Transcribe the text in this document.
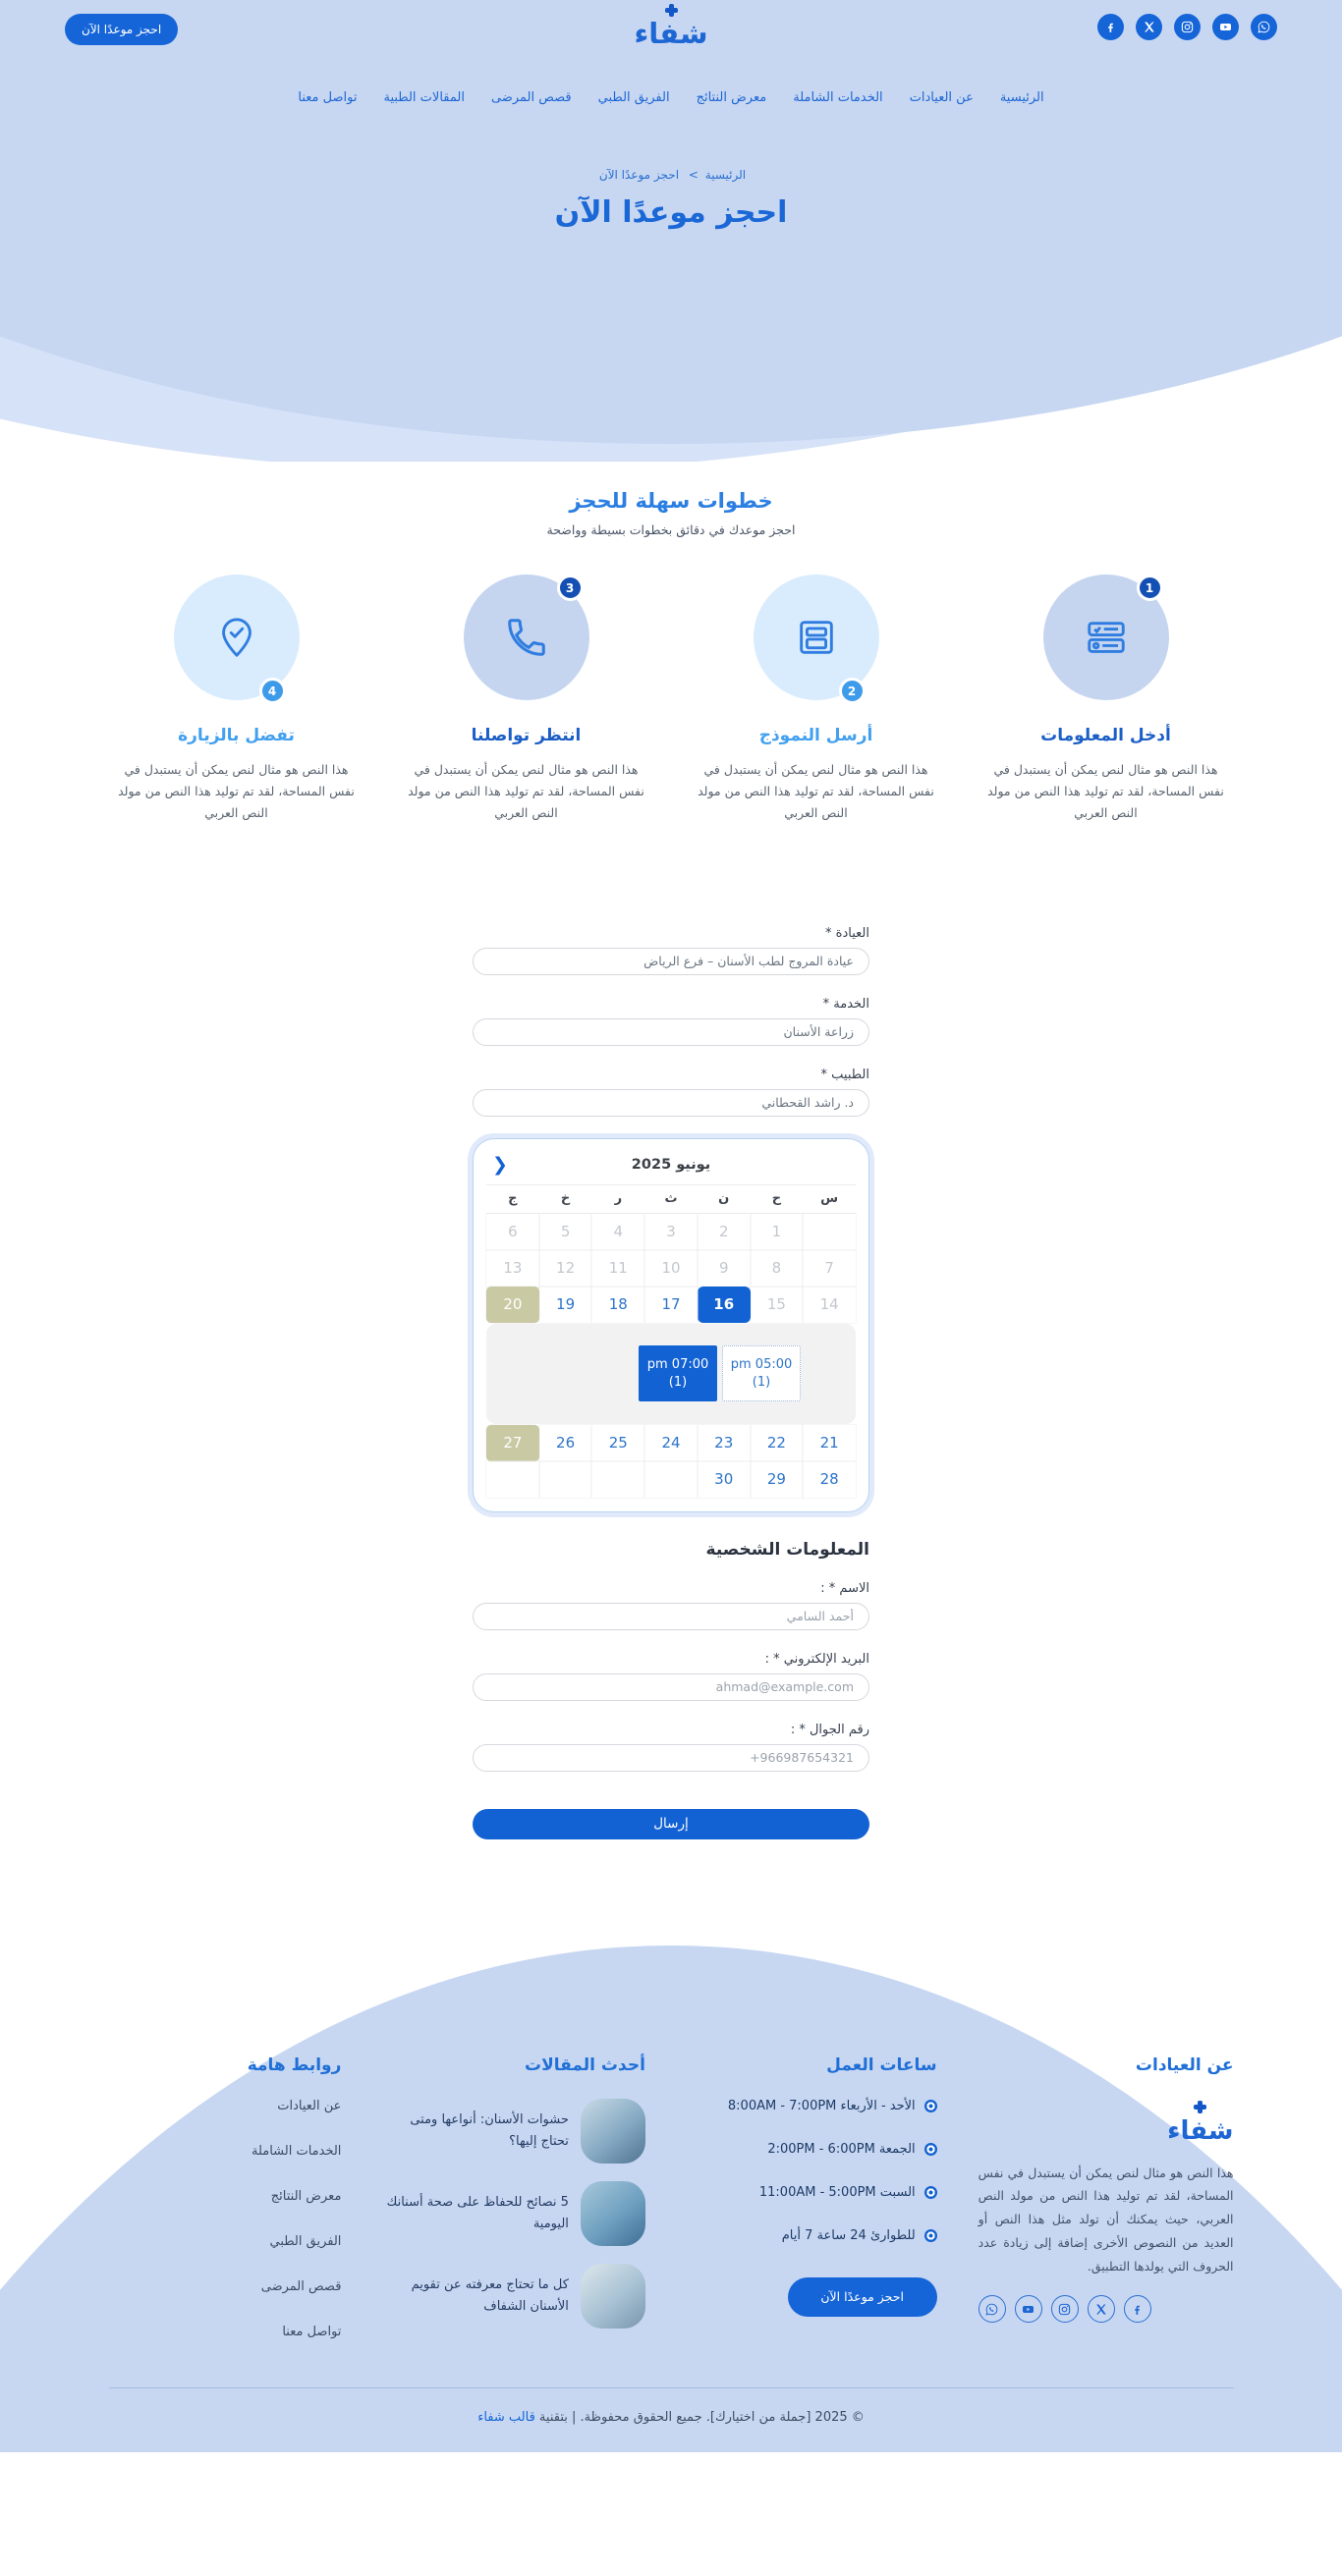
شفاء
احجز موعدًا الآن
الرئيسية
عن العيادات
الخدمات الشاملة
معرض النتائج
الفريق الطبي
قصص المرضى
المقالات الطبية
تواصل معنا
الرئيسية > احجز موعدًا الآن
احجز موعدًا الآن
خطوات سهلة للحجز

احجز موعدك في دقائق بخطوات بسيطة وواضحة

1
أدخل المعلومات

هذا النص هو مثال لنص يمكن أن يستبدل في نفس المساحة، لقد تم توليد هذا النص من مولد النص العربي

2
أرسل النموذج

هذا النص هو مثال لنص يمكن أن يستبدل في نفس المساحة، لقد تم توليد هذا النص من مولد النص العربي

3
انتظر تواصلنا

هذا النص هو مثال لنص يمكن أن يستبدل في نفس المساحة، لقد تم توليد هذا النص من مولد النص العربي

4
تفضل بالزيارة

هذا النص هو مثال لنص يمكن أن يستبدل في نفس المساحة، لقد تم توليد هذا النص من مولد النص العربي

العيادة *
عيادة المروج لطب الأسنان – فرع الرياض
الخدمة *
زراعة الأسنان
الطبيب *
د. راشد القحطاني
❮	يونيو 2025
س
ح
ن
ث
ر
خ
ج
1
2
3
4
5
6
7
8
9
10
11
12
13
14
15
16
17
18
19
20
pm 05:00
(1)
pm 07:00
(1)
21
22
23
24
25
26
27
28
29
30
المعلومات الشخصية
الاسم * :
أحمد السامي
البريد الإلكتروني * :
ahmad@example.com
رقم الجوال * :
+966987654321
إرسال
عن العيادات
شفاء

هذا النص هو مثال لنص يمكن أن يستبدل في نفس المساحة، لقد تم توليد هذا النص من مولد النص العربي، حيث يمكنك أن تولد مثل هذا النص أو العديد من النصوص الأخرى إضافة إلى زيادة عدد الحروف التي يولدها التطبيق.

ساعات العمل
الأحد - الأربعاء 8:00AM - 7:00PM
الجمعة 2:00PM - 6:00PM
السبت 11:00AM - 5:00PM
للطوارئ 24 ساعة 7 أيام
احجز موعدًا الآن
أحدث المقالات
حشوات الأسنان: أنواعها ومتى تحتاج إليها؟
5 نصائح للحفاظ على صحة أسنانك اليومية
كل ما تحتاج معرفته عن تقويم الأسنان الشفاف
روابط هامة
عن العيادات
الخدمات الشاملة
معرض النتائج
الفريق الطبي
قصص المرضى
تواصل معنا
© 2025 [جملة من اختيارك]. جميع الحقوق محفوظة. | بتقنية قالب شفاء
